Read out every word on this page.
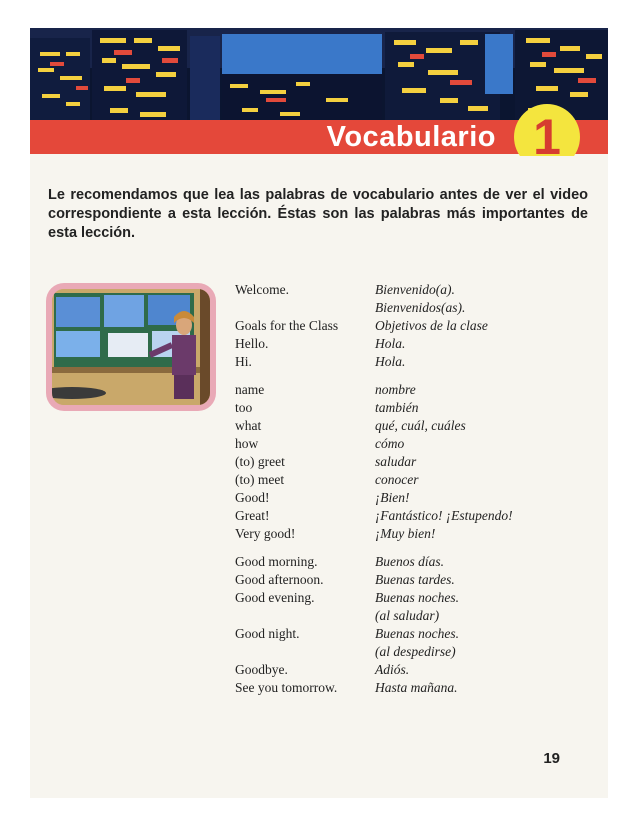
Vocabulario 1
Le recomendamos que lea las palabras de vocabulario antes de ver el video correspondiente a esta lección. Éstas son las palabras más importantes de esta lección.
Welcome.	Bienvenido(a).
Bienvenidos(as).
Goals for the Class	Objetivos de la clase
Hello.	Hola.
Hi.	Hola.
name	nombre
too	también
what	qué, cuál, cuáles
how	cómo
(to) greet	saludar
(to) meet	conocer
Good!	¡Bien!
Great!	¡Fantástico! ¡Estupendo!
Very good!	¡Muy bien!
Good morning.	Buenos días.
Good afternoon.	Buenas tardes.
Good evening.	Buenas noches.
(al saludar)
Good night.	Buenas noches.
(al despedirse)
Goodbye.	Adiós.
See you tomorrow.	Hasta mañana.
19
